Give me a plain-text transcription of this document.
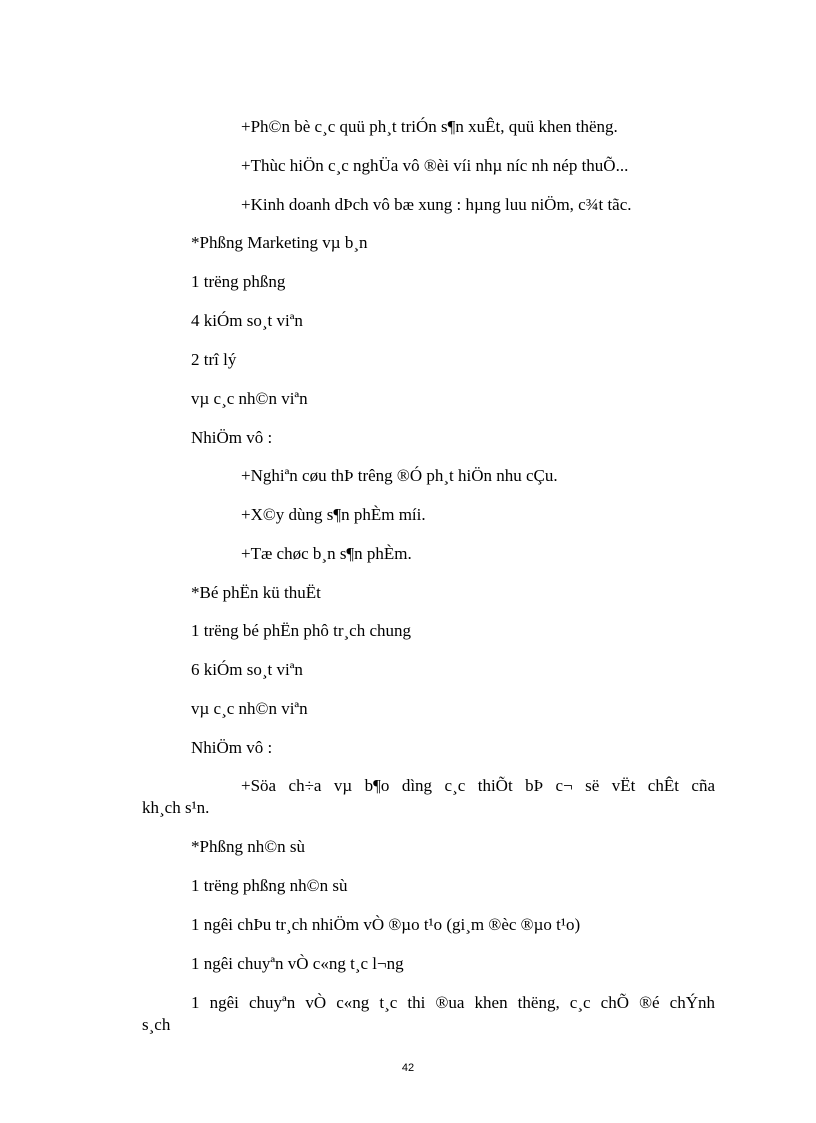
+Ph©n bè c¸c quü ph¸t triÓn s¶n xuÊt, quü khen thëng.
+Thùc hiÖn c¸c nghÜa vô ®èi víi nhµ níc nh nép thuÕ...
+Kinh doanh dÞch vô bæ xung : hµng luu niÖm, c¾t tãc.
*Phßng Marketing vµ b¸n
1 trëng phßng
4 kiÓm so¸t viªn
2 trî lý
vµ c¸c nh©n viªn
NhiÖm vô :
+Nghiªn cøu thÞ trêng ®Ó ph¸t hiÖn nhu cÇu.
+X©y dùng s¶n phÈm míi.
+Tæ chøc b¸n s¶n phÈm.
*Bé phËn kü thuËt
1 trëng bé phËn phô tr¸ch chung
6 kiÓm so¸t viªn
vµ c¸c nh©n viªn
NhiÖm vô :
+Söa ch÷a vµ b¶o dìng c¸c thiÕt bÞ c¬ së vËt chÊt cña
kh¸ch s¹n.
*Phßng nh©n sù
1 trëng phßng nh©n sù
1 ngêi chÞu tr¸ch nhiÖm vÒ ®µo t¹o (gi¸m ®èc ®µo t¹o)
1 ngêi chuyªn vÒ c«ng t¸c l¬ng
1 ngêi chuyªn vÒ c«ng t¸c thi ®ua khen thëng, c¸c chÕ ®é chÝnh
s¸ch
42
